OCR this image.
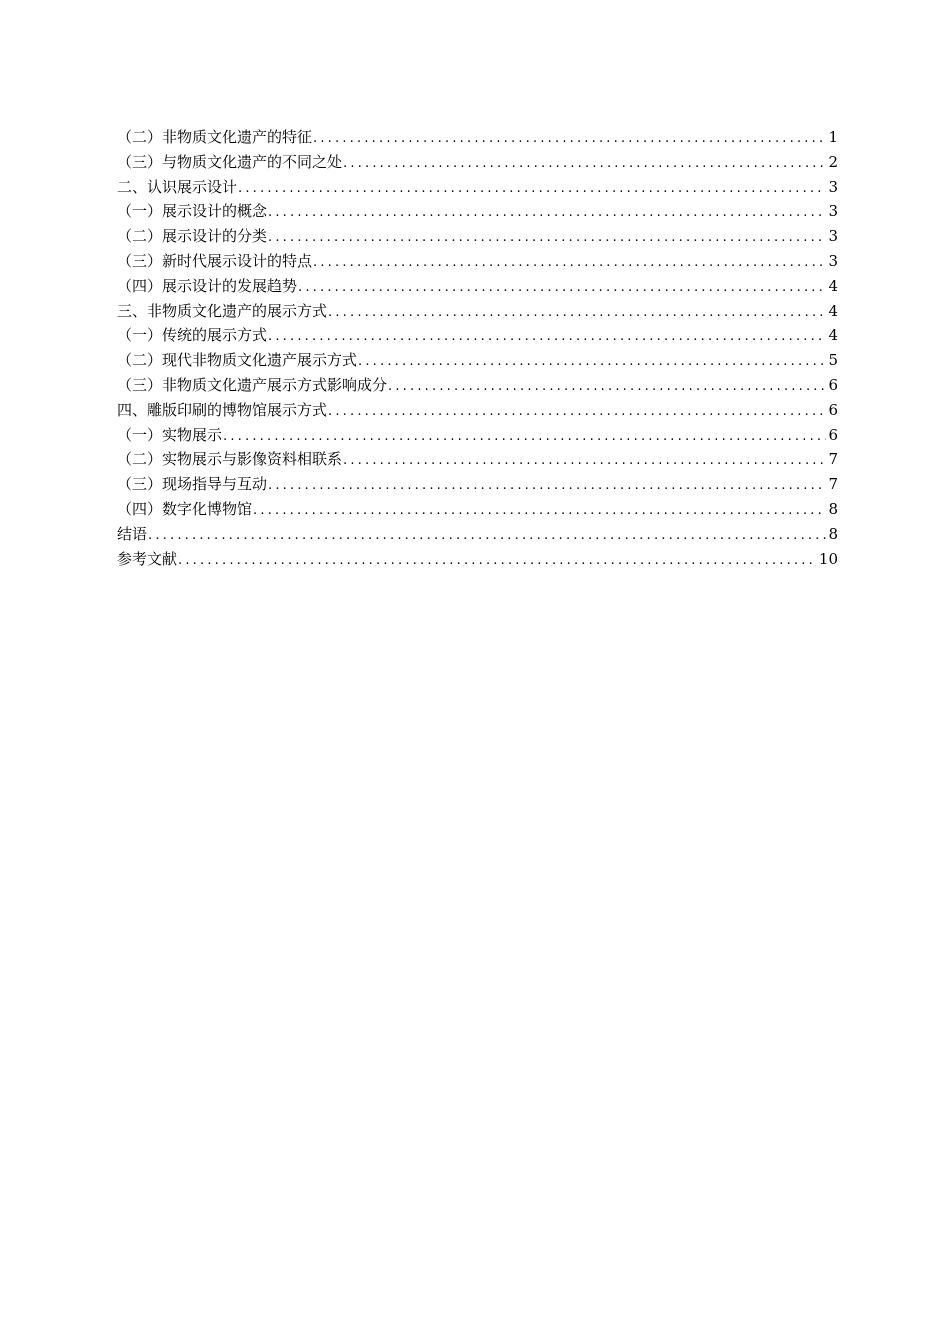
（二）非物质文化遗产的特征 .....	1
（三）与物质文化遗产的不同之处 .....	2
二、认识展示设计 .....	3
（一）展示设计的概念 .....	3
（二）展示设计的分类 .....	3
（三）新时代展示设计的特点 .....	3
（四）展示设计的发展趋势 .....	4
三、非物质文化遗产的展示方式 .....	4
（一）传统的展示方式 .....	4
（二）现代非物质文化遗产展示方式 .....	5
（三）非物质文化遗产展示方式影响成分 .....	6
四、雕版印刷的博物馆展示方式 .....	6
（一）实物展示 .....	6
（二）实物展示与影像资料相联系 .....	7
（三）现场指导与互动 .....	7
（四）数字化博物馆 .....	8
结语 .....	8
参考文献 .....	10
